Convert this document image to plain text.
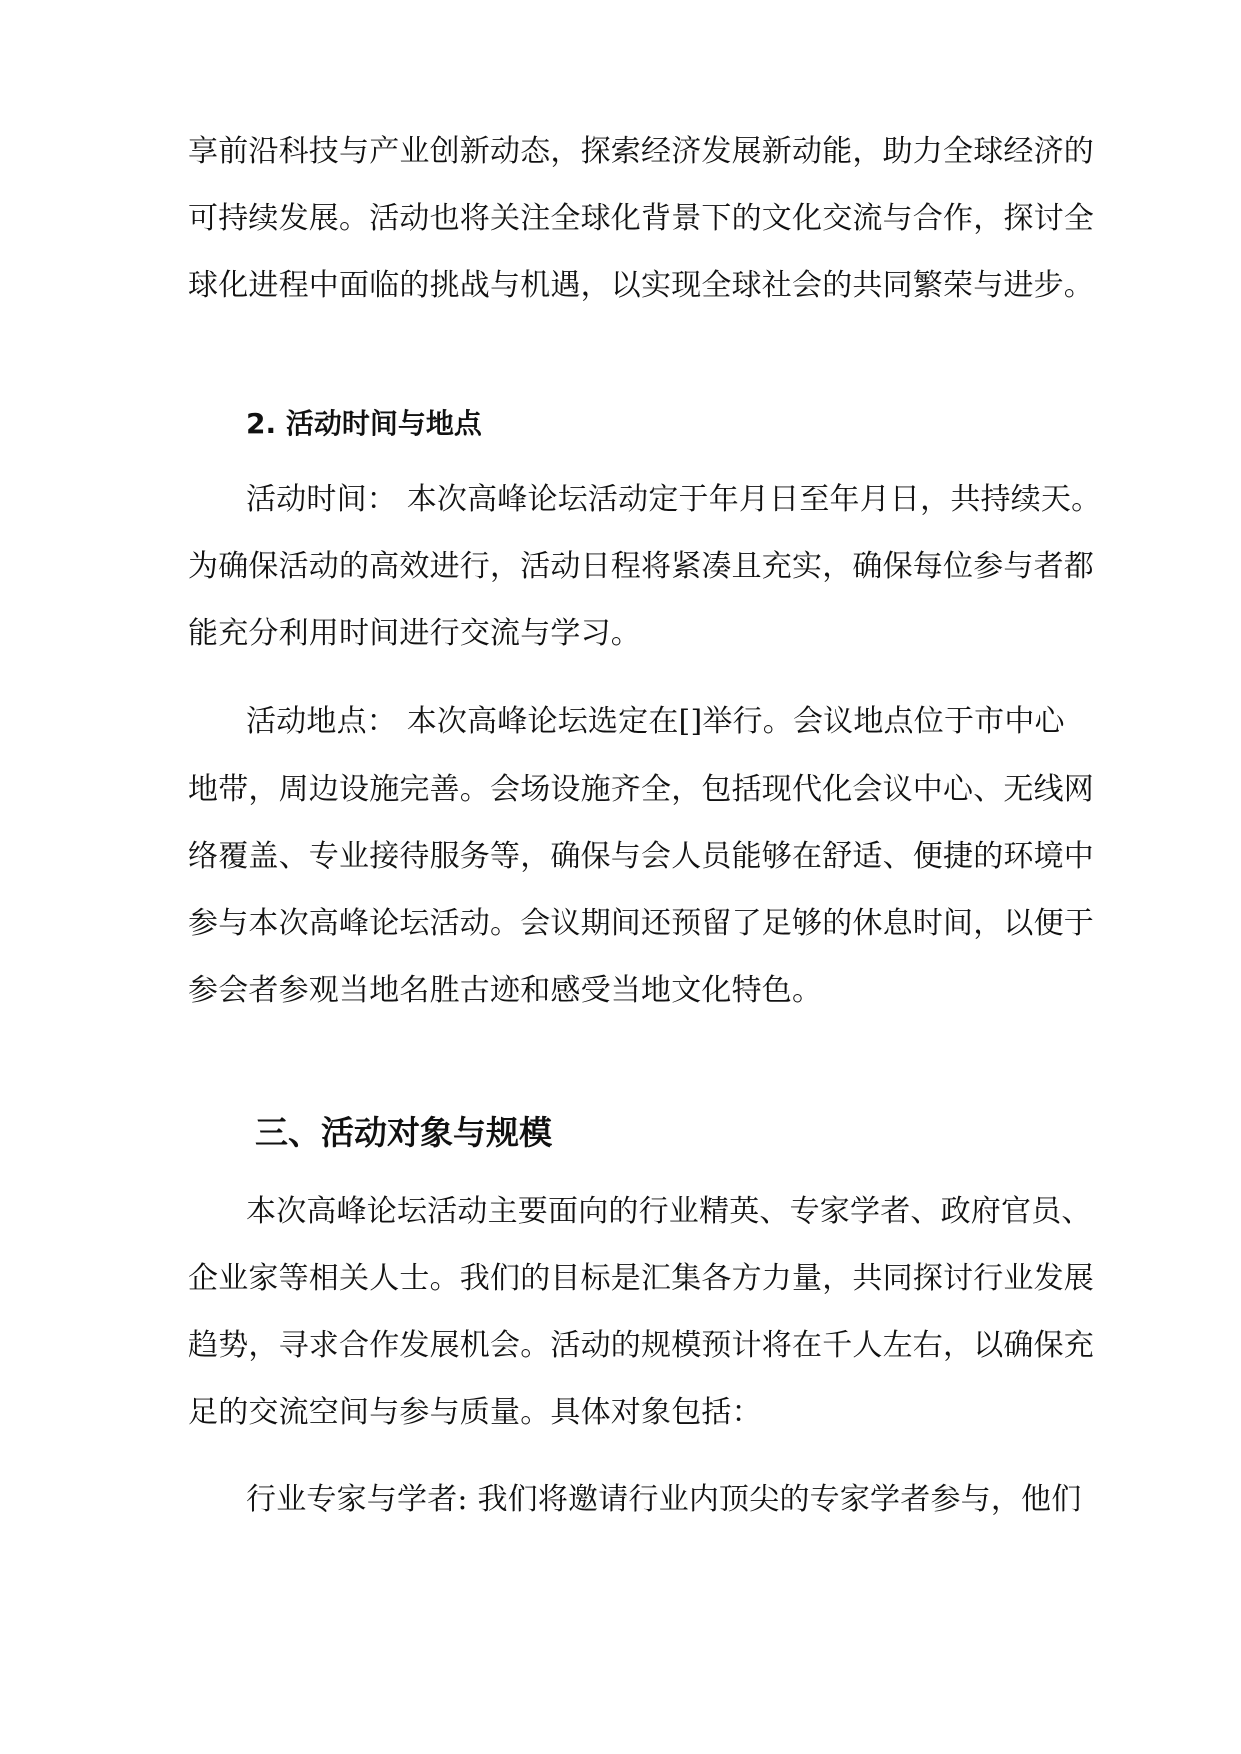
享前沿科技与产业创新动态，探索经济发展新动能，助力全球经济的
可持续发展。活动也将关注全球化背景下的文化交流与合作，探讨全
球化进程中面临的挑战与机遇，以实现全球社会的共同繁荣与进步。
2. 活动时间与地点
活动时间： 本次高峰论坛活动定于年月日至年月日，共持续天。
为确保活动的高效进行，活动日程将紧凑且充实，确保每位参与者都
能充分利用时间进行交流与学习。
活动地点： 本次高峰论坛选定在[]举行。会议地点位于市中心
地带，周边设施完善。会场设施齐全，包括现代化会议中心、无线网
络覆盖、专业接待服务等，确保与会人员能够在舒适、便捷的环境中
参与本次高峰论坛活动。会议期间还预留了足够的休息时间，以便于
参会者参观当地名胜古迹和感受当地文化特色。
三、活动对象与规模
本次高峰论坛活动主要面向的行业精英、专家学者、政府官员、
企业家等相关人士。我们的目标是汇集各方力量，共同探讨行业发展
趋势，寻求合作发展机会。活动的规模预计将在千人左右，以确保充
足的交流空间与参与质量。具体对象包括：
行业专家与学者: 我们将邀请行业内顶尖的专家学者参与，他们
